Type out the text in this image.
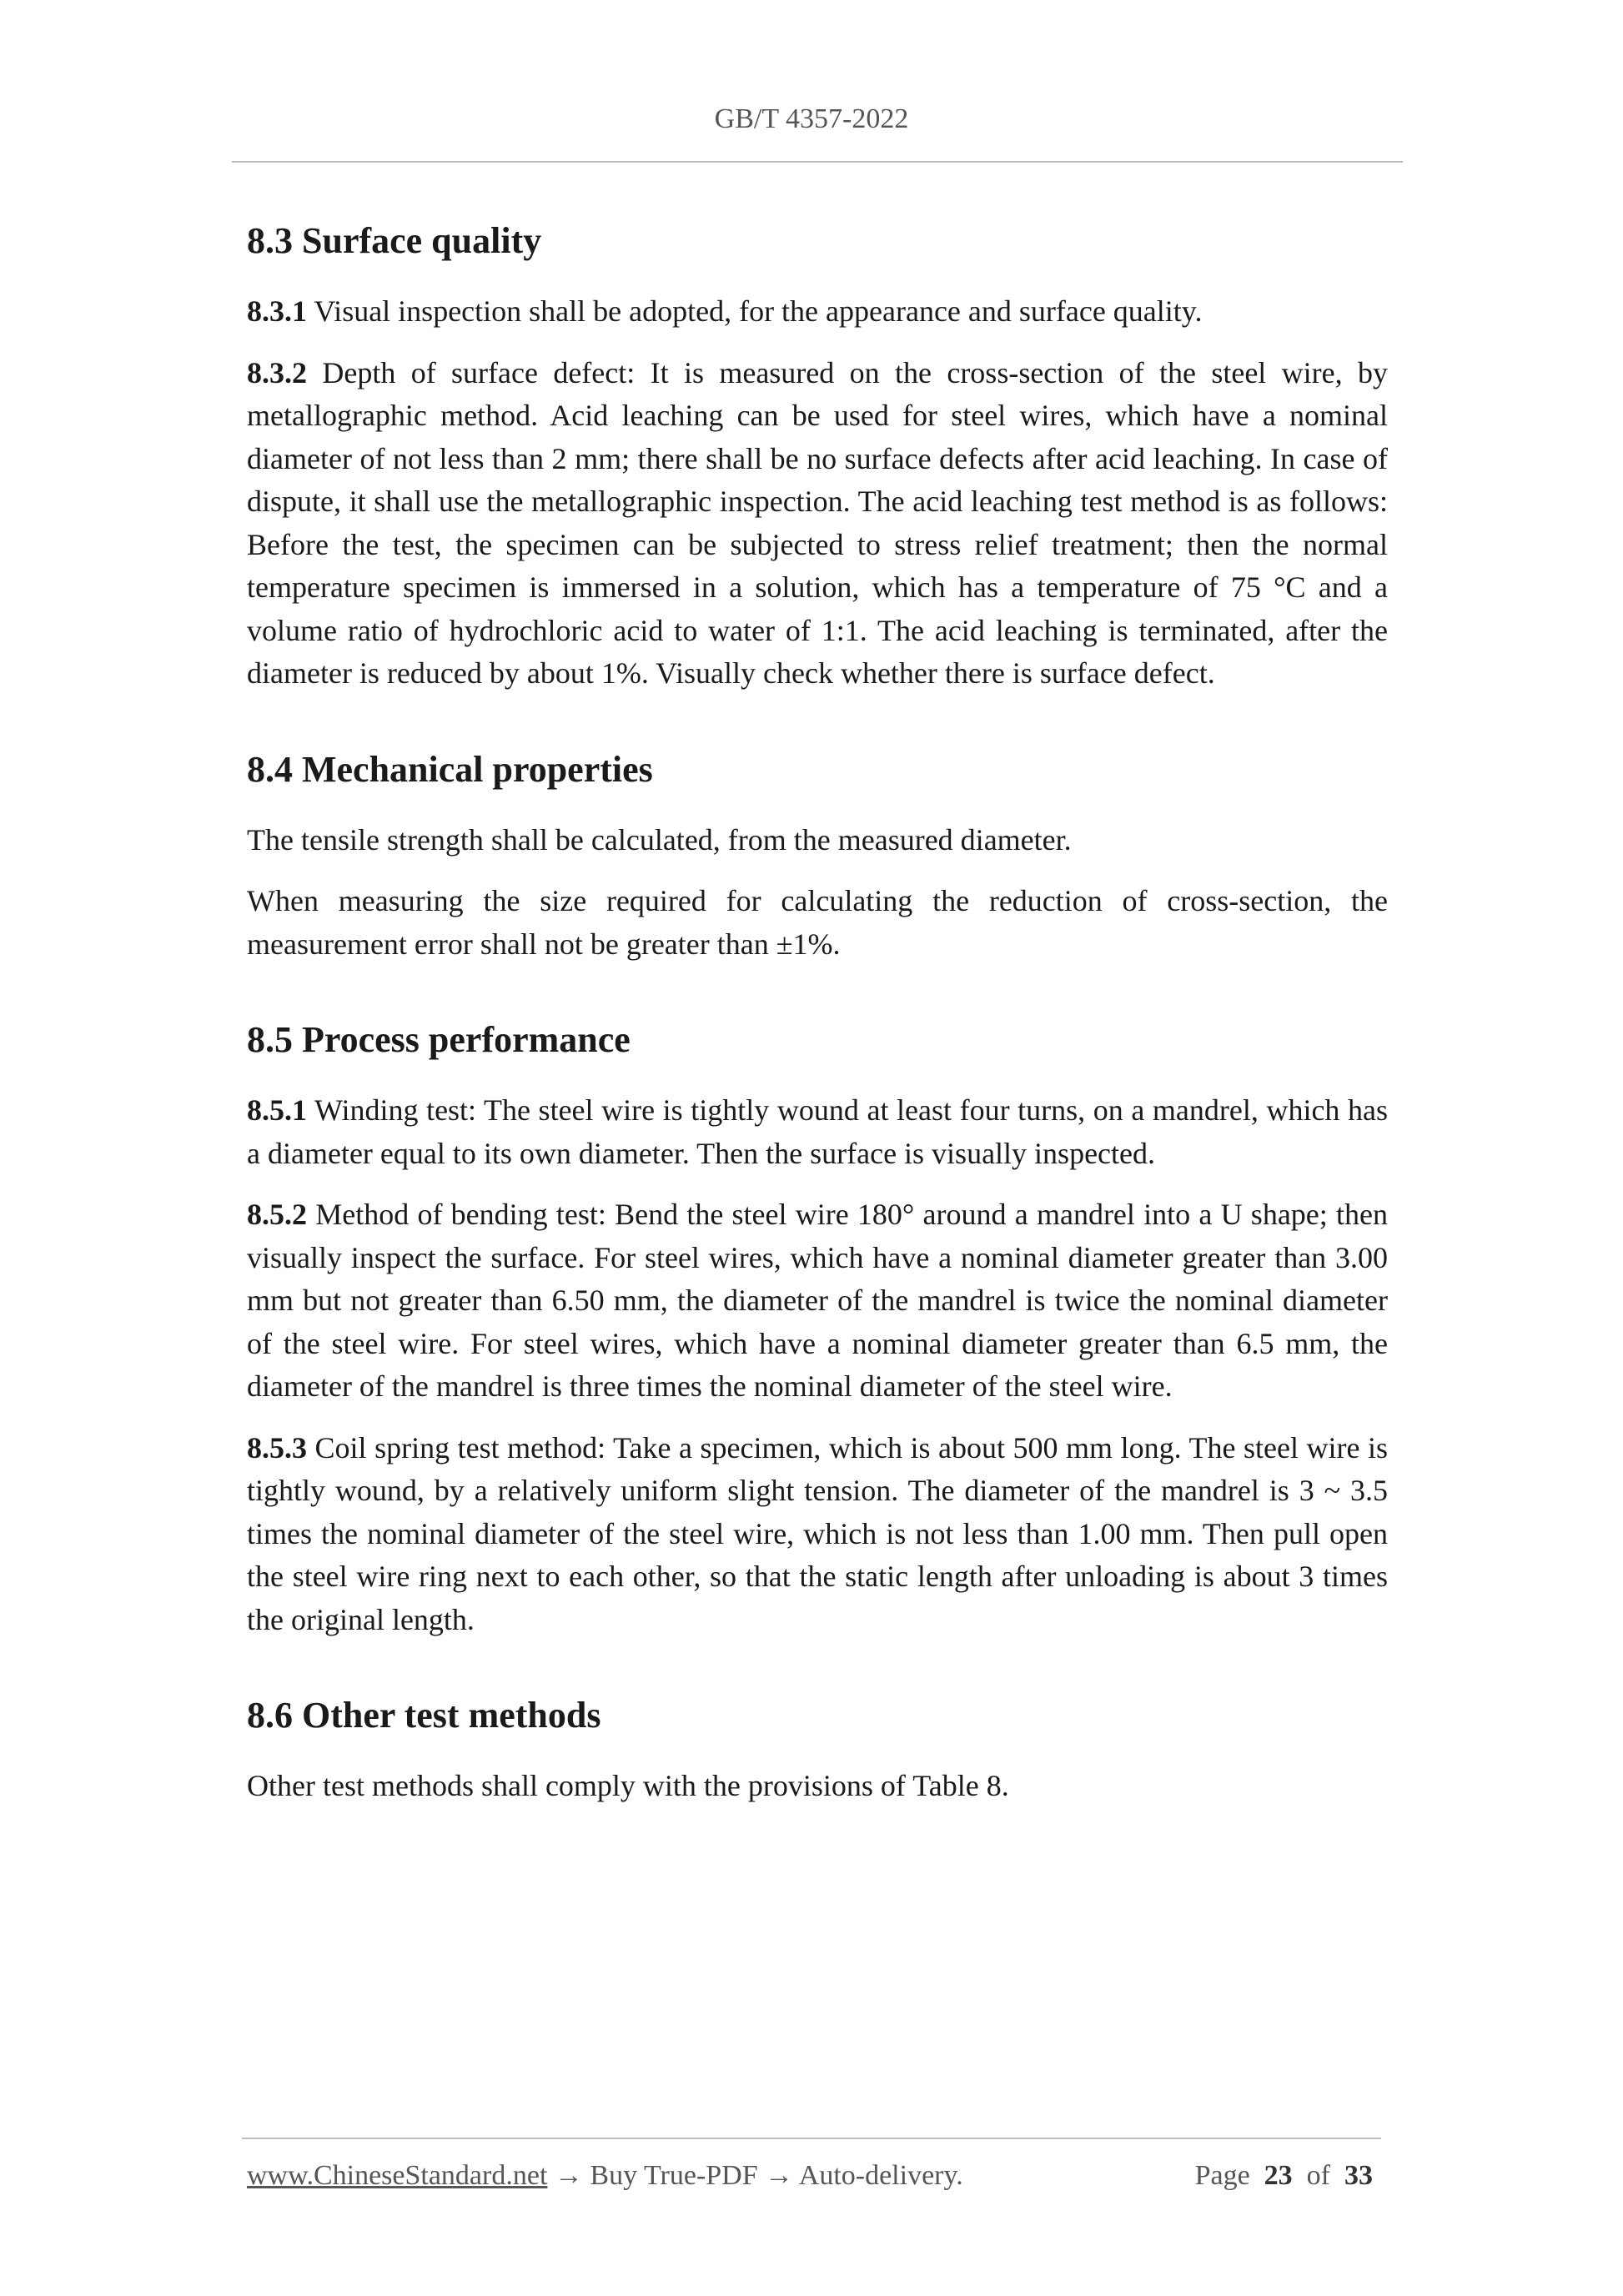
GB/T 4357-2022
8.3 Surface quality

8.3.1 Visual inspection shall be adopted, for the appearance and surface quality.

8.3.2 Depth of surface defect: It is measured on the cross-section of the steel wire, by metallographic method. Acid leaching can be used for steel wires, which have a nominal diameter of not less than 2 mm; there shall be no surface defects after acid leaching. In case of dispute, it shall use the metallographic inspection. The acid leaching test method is as follows: Before the test, the specimen can be subjected to stress relief treatment; then the normal temperature specimen is immersed in a solution, which has a temperature of 75 °C and a volume ratio of hydrochloric acid to water of 1:1. The acid leaching is terminated, after the diameter is reduced by about 1%. Visually check whether there is surface defect.

8.4 Mechanical properties

The tensile strength shall be calculated, from the measured diameter.

When measuring the size required for calculating the reduction of cross-section, the measurement error shall not be greater than ±1%.

8.5 Process performance

8.5.1 Winding test: The steel wire is tightly wound at least four turns, on a mandrel, which has a diameter equal to its own diameter. Then the surface is visually inspected.

8.5.2 Method of bending test: Bend the steel wire 180° around a mandrel into a U shape; then visually inspect the surface. For steel wires, which have a nominal diameter greater than 3.00 mm but not greater than 6.50 mm, the diameter of the mandrel is twice the nominal diameter of the steel wire. For steel wires, which have a nominal diameter greater than 6.5 mm, the diameter of the mandrel is three times the nominal diameter of the steel wire.

8.5.3 Coil spring test method: Take a specimen, which is about 500 mm long. The steel wire is tightly wound, by a relatively uniform slight tension. The diameter of the mandrel is 3 ~ 3.5 times the nominal diameter of the steel wire, which is not less than 1.00 mm. Then pull open the steel wire ring next to each other, so that the static length after unloading is about 3 times the original length.

8.6 Other test methods

Other test methods shall comply with the provisions of Table 8.

www.ChineseStandard.net → Buy True-PDF → Auto-delivery.	Page 23 of 33
